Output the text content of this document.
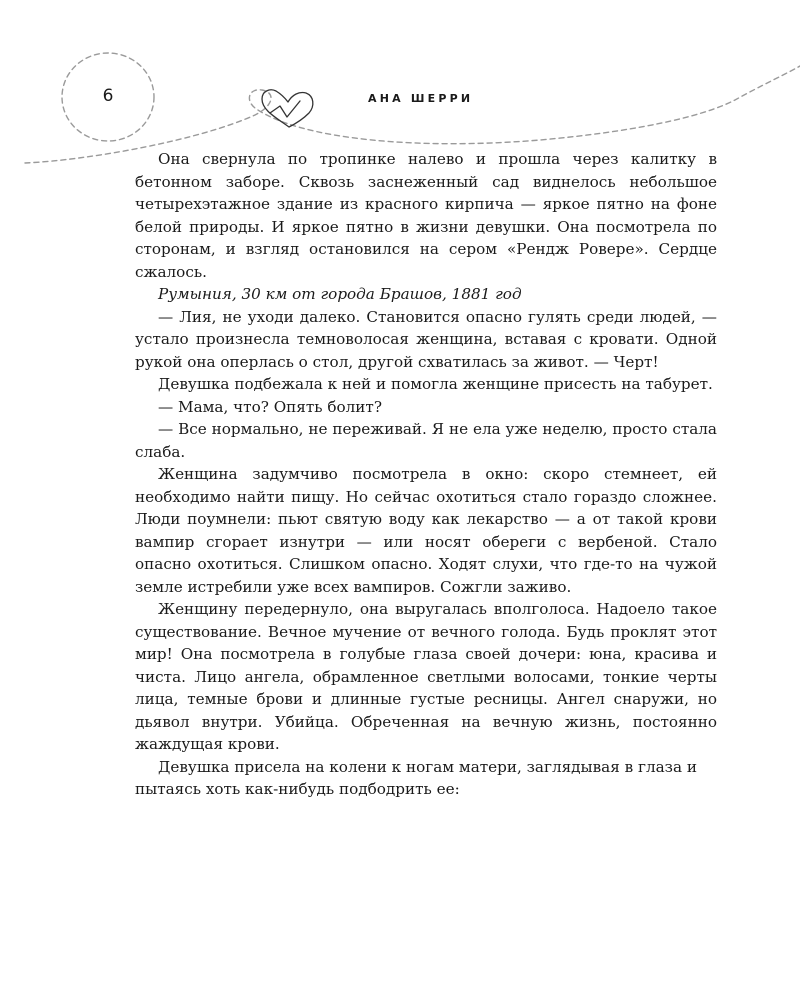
6	АНА ШЕРРИ

Она свернула по тропинке налево и прошла через калитку в бетонном заборе. Сквозь заснеженный сад виднелось небольшое четырехэтажное здание из красного кирпича — яркое пятно на фоне белой природы. И яркое пятно в жизни девушки. Она посмотрела по сторонам, и взгляд остановился на сером «Рендж Ровере». Сердце сжалось.

Румыния, 30 км от города Брашов, 1881 год

— Лия, не уходи далеко. Становится опасно гулять среди людей, — устало произнесла темноволосая женщина, вставая с кровати. Одной рукой она оперлась о стол, другой схватилась за живот. — Черт!

Девушка подбежала к ней и помогла женщине присесть на табурет.

— Мама, что? Опять болит?

— Все нормально, не переживай. Я не ела уже неделю, просто стала слаба.

Женщина задумчиво посмотрела в окно: скоро стемнеет, ей необходимо найти пищу. Но сейчас охотиться стало гораздо сложнее. Люди поумнели: пьют святую воду как лекарство — а от такой крови вампир сгорает изнутри — или носят обереги с вербеной. Стало опасно охотиться. Слишком опасно. Ходят слухи, что где-то на чужой земле истребили уже всех вампиров. Сожгли заживо.

Женщину передернуло, она выругалась вполголоса. Надоело такое существование. Вечное мучение от вечного голода. Будь проклят этот мир! Она посмотрела в голубые глаза своей дочери: юна, красива и чиста. Лицо ангела, обрамленное светлыми волосами, тонкие черты лица, темные брови и длинные густые ресницы. Ангел снаружи, но дьявол внутри. Убийца. Обреченная на вечную жизнь, постоянно жаждущая крови.

Девушка присела на колени к ногам матери, заглядывая в глаза и пытаясь хоть как-нибудь подбодрить ее:
